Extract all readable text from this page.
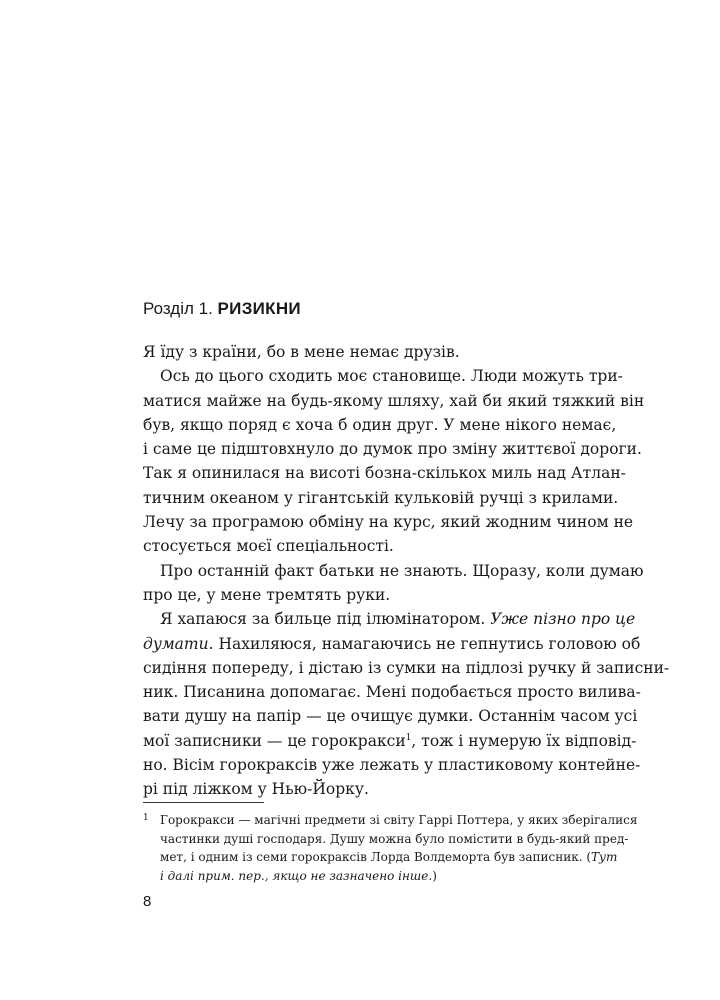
Розділ 1. РИЗИКНИ
Я їду з країни, бо в мене немає друзів.
Ось до цього сходить моє становище. Люди можуть три-
матися майже на будь-якому шляху, хай би який тяжкий він
був, якщо поряд є хоча б один друг. У мене нікого немає,
і саме це підштовхнуло до думок про зміну життєвої дороги.
Так я опинилася на висоті бозна-скількох миль над Атлан-
тичним океаном у гігантській кульковій ручці з крилами.
Лечу за програмою обміну на курс, який жодним чином не
стосується моєї спеціальності.
Про останній факт батьки не знають. Щоразу, коли думаю
про це, у мене тремтять руки.
Я хапаюся за бильце під ілюмінатором. Уже пізно про це
думати. Нахиляюся, намагаючись не гепнутись головою об
сидіння попереду, і дістаю із сумки на підлозі ручку й записни-
ник. Писанина допомагає. Мені подобається просто вилива-
вати душу на папір — це очищує думки. Останнім часом усі
мої записники — це горокракси$^1$, тож і нумерую їх відповід-
но. Вісім горокраксів уже лежать у пластиковому контейне-
рі під ліжком у Нью-Йорку.
1 Горокракси — магічні предмети зі світу Гаррі Поттера, у яких зберігалися
частинки душі господаря. Душу можна було помістити в будь-який пред-
мет, і одним із семи горокраксів Лорда Волдеморта був записник. (Тут
і далі прим. пер., якщо не зазначено інше.)
8
